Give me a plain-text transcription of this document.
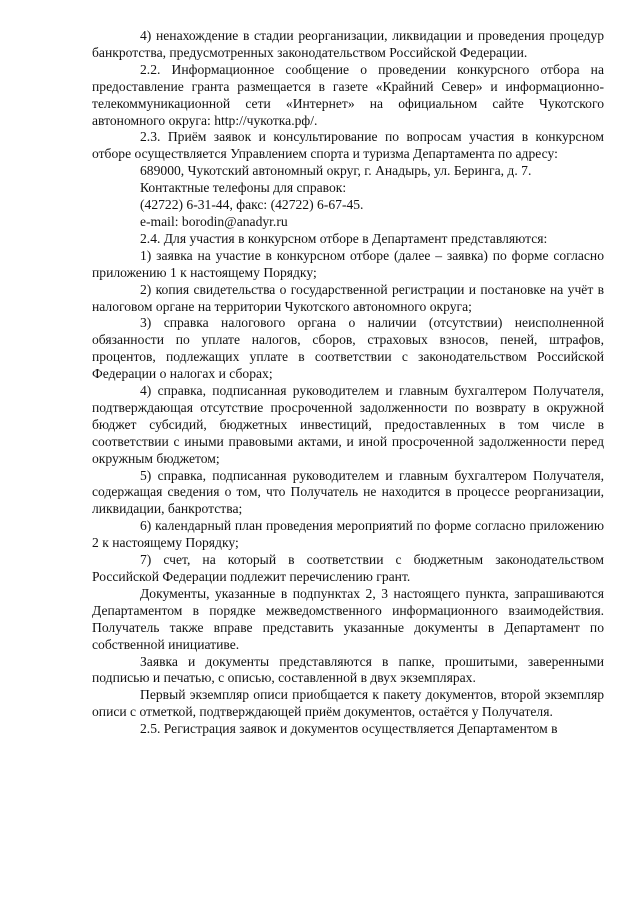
4) ненахождение в стадии реорганизации, ликвидации и проведения процедур банкротства, предусмотренных законодательством Российской Федерации.

2.2. Информационное сообщение о проведении конкурсного отбора на предоставление гранта размещается в газете «Крайний Север» и информационно-телекоммуникационной сети «Интернет» на официальном сайте Чукотского автономного округа: http://чукотка.рф/.

2.3. Приём заявок и консультирование по вопросам участия в конкурсном отборе осуществляется Управлением спорта и туризма Департамента по адресу:

689000, Чукотский автономный округ, г. Анадырь, ул. Беринга, д. 7.

Контактные телефоны для справок:

(42722) 6-31-44, факс: (42722) 6-67-45.

e-mail: borodin@anadyr.ru

2.4. Для участия в конкурсном отборе в Департамент представляются:

1) заявка на участие в конкурсном отборе (далее – заявка) по форме согласно приложению 1 к настоящему Порядку;

2) копия свидетельства о государственной регистрации и постановке на учёт в налоговом органе на территории Чукотского автономного округа;

3) справка налогового органа о наличии (отсутствии) неисполненной обязанности по уплате налогов, сборов, страховых взносов, пеней, штрафов, процентов, подлежащих уплате в соответствии с законодательством Российской Федерации о налогах и сборах;

4) справка, подписанная руководителем и главным бухгалтером Получателя, подтверждающая отсутствие просроченной задолженности по возврату в окружной бюджет субсидий, бюджетных инвестиций, предоставленных в том числе в соответствии с иными правовыми актами, и иной просроченной задолженности перед окружным бюджетом;

5) справка, подписанная руководителем и главным бухгалтером Получателя, содержащая сведения о том, что Получатель не находится в процессе реорганизации, ликвидации, банкротства;

6) календарный план проведения мероприятий по форме согласно приложению 2 к настоящему Порядку;

7) счет, на который в соответствии с бюджетным законодательством Российской Федерации подлежит перечислению грант.

Документы, указанные в подпунктах 2, 3 настоящего пункта, запрашиваются Департаментом в порядке межведомственного информационного взаимодействия. Получатель также вправе представить указанные документы в Департамент по собственной инициативе.

Заявка и документы представляются в папке, прошитыми, заверенными подписью и печатью, с описью, составленной в двух экземплярах.

Первый экземпляр описи приобщается к пакету документов, второй экземпляр описи с отметкой, подтверждающей приём документов, остаётся у Получателя.

2.5. Регистрация заявок и документов осуществляется Департаментом в
